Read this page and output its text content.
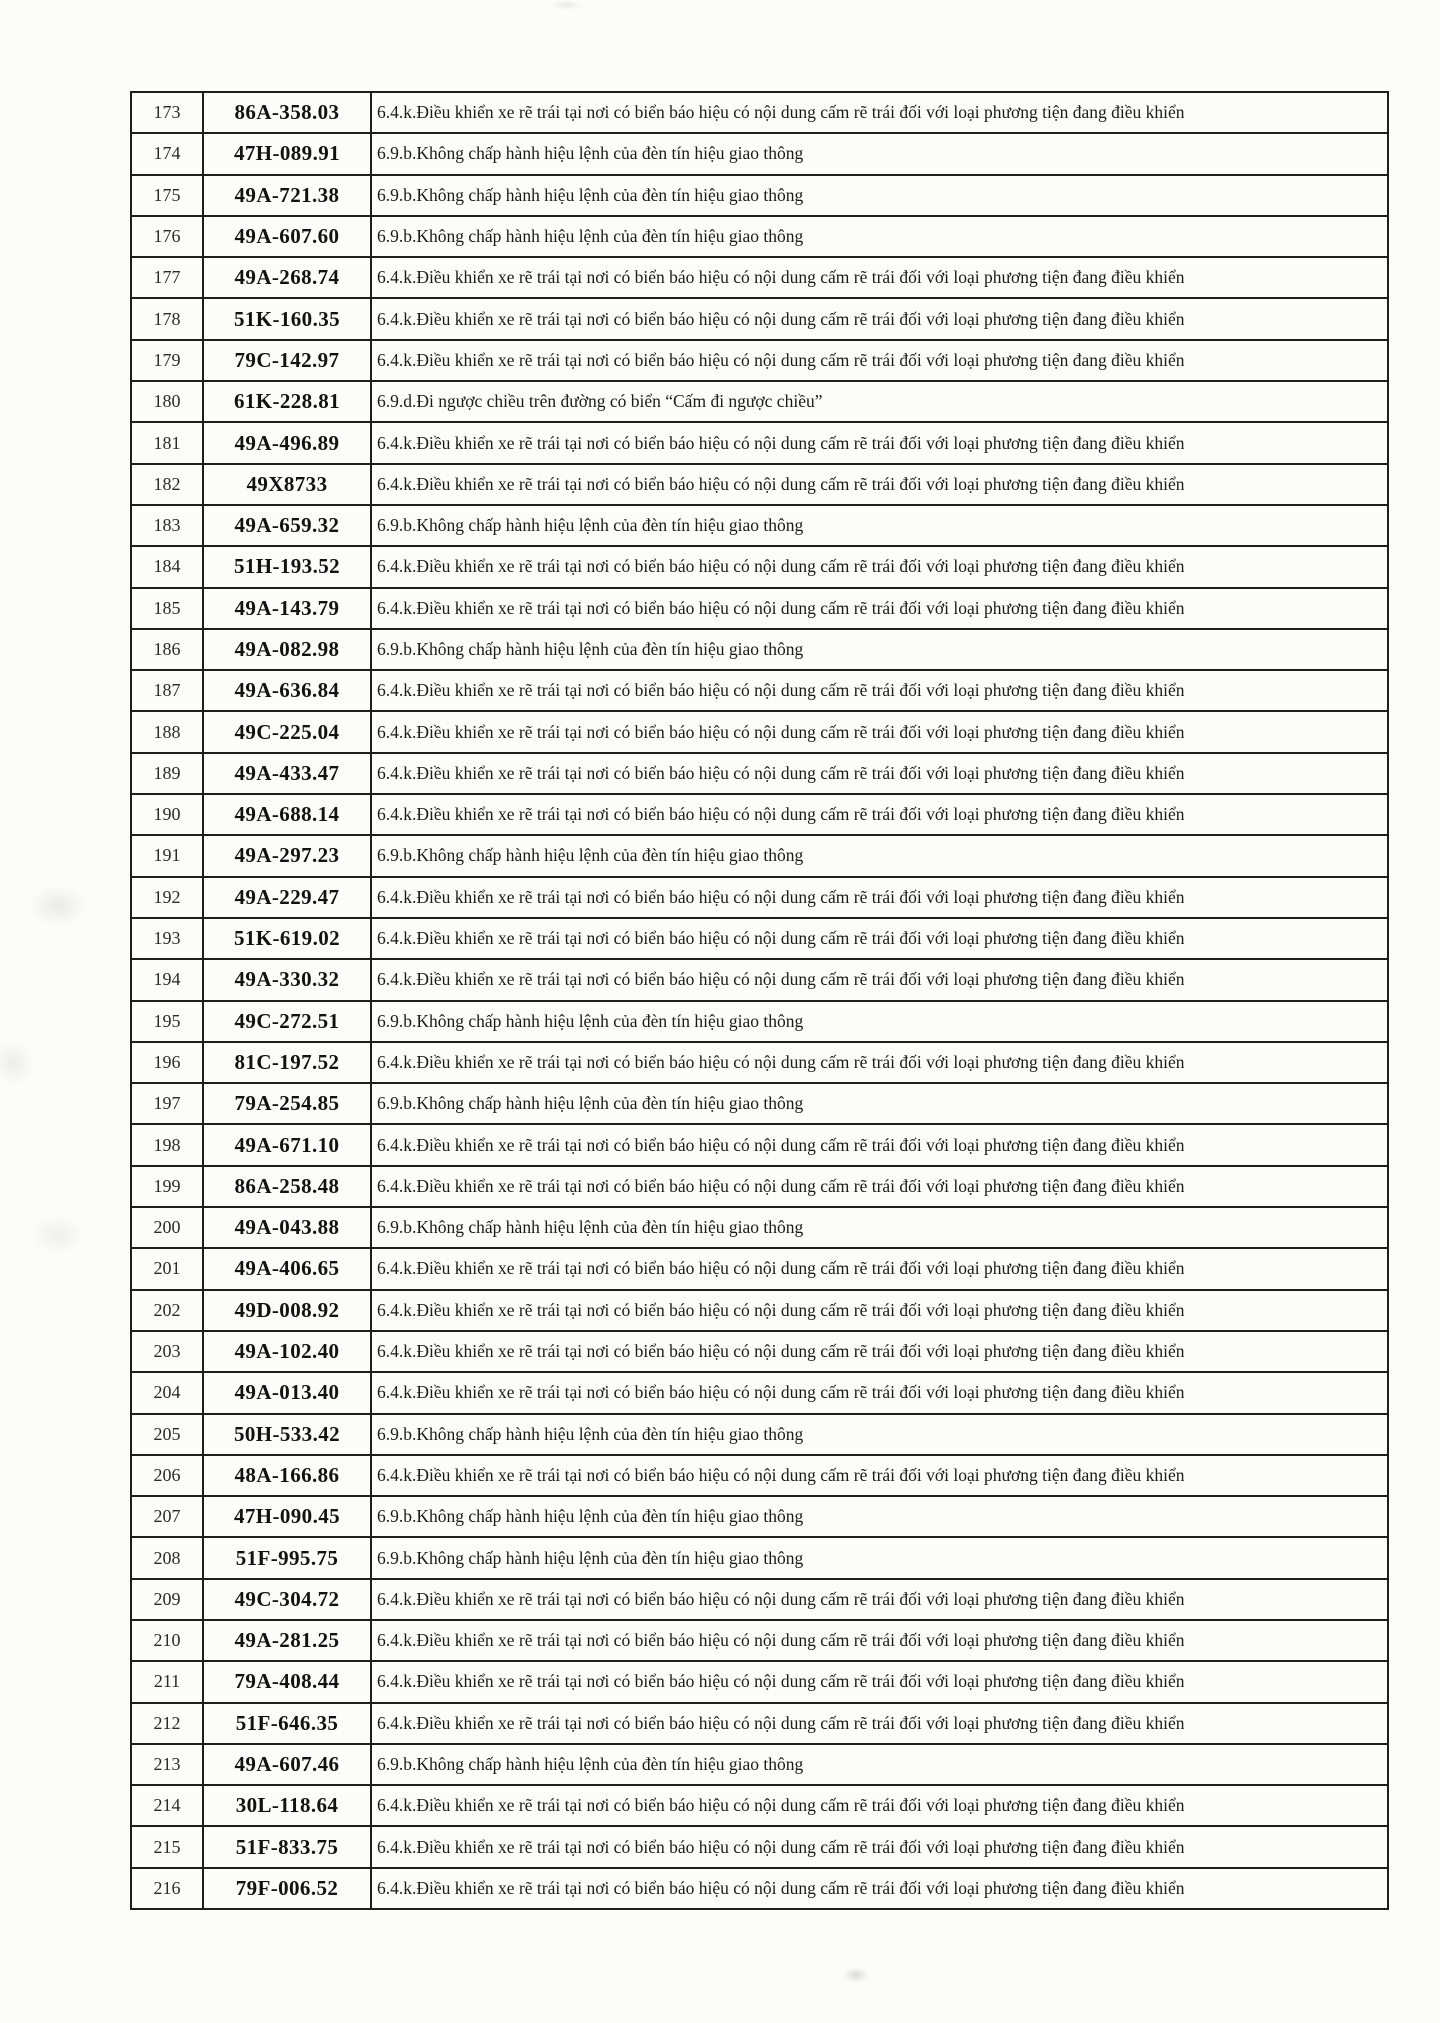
173	86A-358.03	6.4.k.Điều khiển xe rẽ trái tại nơi có biển báo hiệu có nội dung cấm rẽ trái đối với loại phương tiện đang điều khiển
174	47H-089.91	6.9.b.Không chấp hành hiệu lệnh của đèn tín hiệu giao thông
175	49A-721.38	6.9.b.Không chấp hành hiệu lệnh của đèn tín hiệu giao thông
176	49A-607.60	6.9.b.Không chấp hành hiệu lệnh của đèn tín hiệu giao thông
177	49A-268.74	6.4.k.Điều khiển xe rẽ trái tại nơi có biển báo hiệu có nội dung cấm rẽ trái đối với loại phương tiện đang điều khiển
178	51K-160.35	6.4.k.Điều khiển xe rẽ trái tại nơi có biển báo hiệu có nội dung cấm rẽ trái đối với loại phương tiện đang điều khiển
179	79C-142.97	6.4.k.Điều khiển xe rẽ trái tại nơi có biển báo hiệu có nội dung cấm rẽ trái đối với loại phương tiện đang điều khiển
180	61K-228.81	6.9.d.Đi ngược chiều trên đường có biển “Cấm đi ngược chiều”
181	49A-496.89	6.4.k.Điều khiển xe rẽ trái tại nơi có biển báo hiệu có nội dung cấm rẽ trái đối với loại phương tiện đang điều khiển
182	49X8733	6.4.k.Điều khiển xe rẽ trái tại nơi có biển báo hiệu có nội dung cấm rẽ trái đối với loại phương tiện đang điều khiển
183	49A-659.32	6.9.b.Không chấp hành hiệu lệnh của đèn tín hiệu giao thông
184	51H-193.52	6.4.k.Điều khiển xe rẽ trái tại nơi có biển báo hiệu có nội dung cấm rẽ trái đối với loại phương tiện đang điều khiển
185	49A-143.79	6.4.k.Điều khiển xe rẽ trái tại nơi có biển báo hiệu có nội dung cấm rẽ trái đối với loại phương tiện đang điều khiển
186	49A-082.98	6.9.b.Không chấp hành hiệu lệnh của đèn tín hiệu giao thông
187	49A-636.84	6.4.k.Điều khiển xe rẽ trái tại nơi có biển báo hiệu có nội dung cấm rẽ trái đối với loại phương tiện đang điều khiển
188	49C-225.04	6.4.k.Điều khiển xe rẽ trái tại nơi có biển báo hiệu có nội dung cấm rẽ trái đối với loại phương tiện đang điều khiển
189	49A-433.47	6.4.k.Điều khiển xe rẽ trái tại nơi có biển báo hiệu có nội dung cấm rẽ trái đối với loại phương tiện đang điều khiển
190	49A-688.14	6.4.k.Điều khiển xe rẽ trái tại nơi có biển báo hiệu có nội dung cấm rẽ trái đối với loại phương tiện đang điều khiển
191	49A-297.23	6.9.b.Không chấp hành hiệu lệnh của đèn tín hiệu giao thông
192	49A-229.47	6.4.k.Điều khiển xe rẽ trái tại nơi có biển báo hiệu có nội dung cấm rẽ trái đối với loại phương tiện đang điều khiển
193	51K-619.02	6.4.k.Điều khiển xe rẽ trái tại nơi có biển báo hiệu có nội dung cấm rẽ trái đối với loại phương tiện đang điều khiển
194	49A-330.32	6.4.k.Điều khiển xe rẽ trái tại nơi có biển báo hiệu có nội dung cấm rẽ trái đối với loại phương tiện đang điều khiển
195	49C-272.51	6.9.b.Không chấp hành hiệu lệnh của đèn tín hiệu giao thông
196	81C-197.52	6.4.k.Điều khiển xe rẽ trái tại nơi có biển báo hiệu có nội dung cấm rẽ trái đối với loại phương tiện đang điều khiển
197	79A-254.85	6.9.b.Không chấp hành hiệu lệnh của đèn tín hiệu giao thông
198	49A-671.10	6.4.k.Điều khiển xe rẽ trái tại nơi có biển báo hiệu có nội dung cấm rẽ trái đối với loại phương tiện đang điều khiển
199	86A-258.48	6.4.k.Điều khiển xe rẽ trái tại nơi có biển báo hiệu có nội dung cấm rẽ trái đối với loại phương tiện đang điều khiển
200	49A-043.88	6.9.b.Không chấp hành hiệu lệnh của đèn tín hiệu giao thông
201	49A-406.65	6.4.k.Điều khiển xe rẽ trái tại nơi có biển báo hiệu có nội dung cấm rẽ trái đối với loại phương tiện đang điều khiển
202	49D-008.92	6.4.k.Điều khiển xe rẽ trái tại nơi có biển báo hiệu có nội dung cấm rẽ trái đối với loại phương tiện đang điều khiển
203	49A-102.40	6.4.k.Điều khiển xe rẽ trái tại nơi có biển báo hiệu có nội dung cấm rẽ trái đối với loại phương tiện đang điều khiển
204	49A-013.40	6.4.k.Điều khiển xe rẽ trái tại nơi có biển báo hiệu có nội dung cấm rẽ trái đối với loại phương tiện đang điều khiển
205	50H-533.42	6.9.b.Không chấp hành hiệu lệnh của đèn tín hiệu giao thông
206	48A-166.86	6.4.k.Điều khiển xe rẽ trái tại nơi có biển báo hiệu có nội dung cấm rẽ trái đối với loại phương tiện đang điều khiển
207	47H-090.45	6.9.b.Không chấp hành hiệu lệnh của đèn tín hiệu giao thông
208	51F-995.75	6.9.b.Không chấp hành hiệu lệnh của đèn tín hiệu giao thông
209	49C-304.72	6.4.k.Điều khiển xe rẽ trái tại nơi có biển báo hiệu có nội dung cấm rẽ trái đối với loại phương tiện đang điều khiển
210	49A-281.25	6.4.k.Điều khiển xe rẽ trái tại nơi có biển báo hiệu có nội dung cấm rẽ trái đối với loại phương tiện đang điều khiển
211	79A-408.44	6.4.k.Điều khiển xe rẽ trái tại nơi có biển báo hiệu có nội dung cấm rẽ trái đối với loại phương tiện đang điều khiển
212	51F-646.35	6.4.k.Điều khiển xe rẽ trái tại nơi có biển báo hiệu có nội dung cấm rẽ trái đối với loại phương tiện đang điều khiển
213	49A-607.46	6.9.b.Không chấp hành hiệu lệnh của đèn tín hiệu giao thông
214	30L-118.64	6.4.k.Điều khiển xe rẽ trái tại nơi có biển báo hiệu có nội dung cấm rẽ trái đối với loại phương tiện đang điều khiển
215	51F-833.75	6.4.k.Điều khiển xe rẽ trái tại nơi có biển báo hiệu có nội dung cấm rẽ trái đối với loại phương tiện đang điều khiển
216	79F-006.52	6.4.k.Điều khiển xe rẽ trái tại nơi có biển báo hiệu có nội dung cấm rẽ trái đối với loại phương tiện đang điều khiển
